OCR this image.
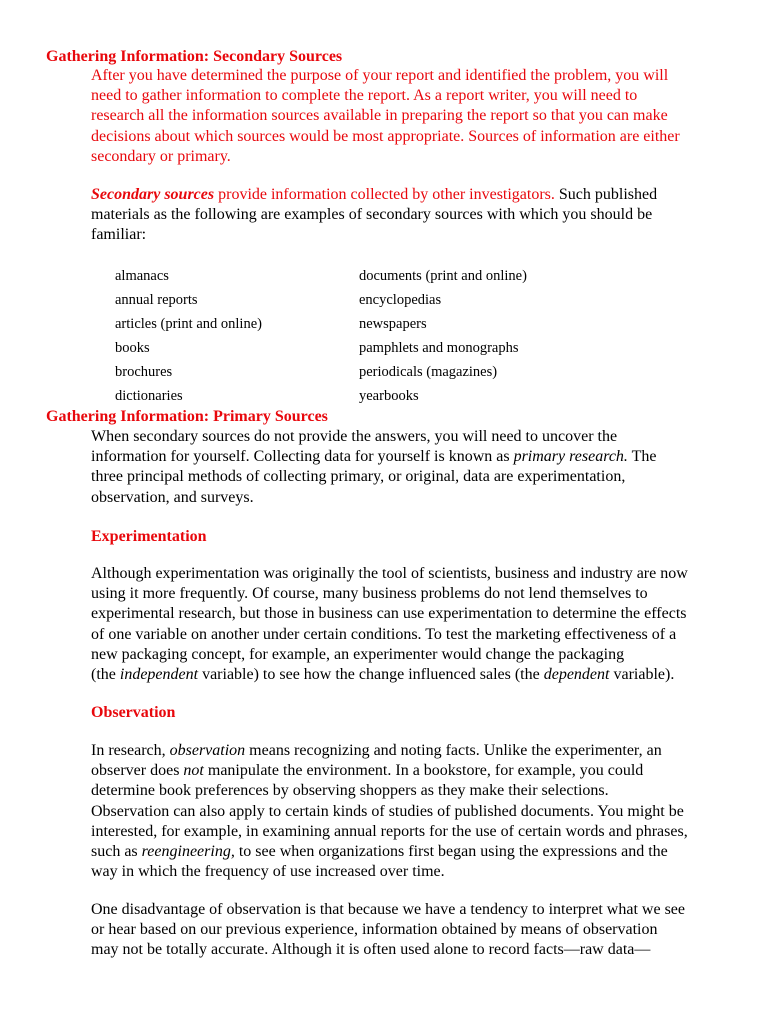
Gathering Information: Secondary Sources
After you have determined the purpose of your report and identified the problem, you will
need to gather information to complete the report. As a report writer, you will need to
research all the information sources available in preparing the report so that you can make
decisions about which sources would be most appropriate. Sources of information are either
secondary or primary.
Secondary sources provide information collected by other investigators. Such published
materials as the following are examples of secondary sources with which you should be
familiar:
almanacs
annual reports
articles (print and online)
books
brochures
dictionaries
documents (print and online)
encyclopedias
newspapers
pamphlets and monographs
periodicals (magazines)
yearbooks
Gathering Information: Primary Sources
When secondary sources do not provide the answers, you will need to uncover the
information for yourself. Collecting data for yourself is known as primary research. The
three principal methods of collecting primary, or original, data are experimentation,
observation, and surveys.
Experimentation
Although experimentation was originally the tool of scientists, business and industry are now
using it more frequently. Of course, many business problems do not lend themselves to
experimental research, but those in business can use experimentation to determine the effects
of one variable on another under certain conditions. To test the marketing effectiveness of a
new packaging concept, for example, an experimenter would change the packaging
(the independent variable) to see how the change influenced sales (the dependent variable).
Observation
In research, observation means recognizing and noting facts. Unlike the experimenter, an
observer does not manipulate the environment. In a bookstore, for example, you could
determine book preferences by observing shoppers as they make their selections.
Observation can also apply to certain kinds of studies of published documents. You might be
interested, for example, in examining annual reports for the use of certain words and phrases,
such as reengineering, to see when organizations first began using the expressions and the
way in which the frequency of use increased over time.
One disadvantage of observation is that because we have a tendency to interpret what we see
or hear based on our previous experience, information obtained by means of observation
may not be totally accurate. Although it is often used alone to record facts—raw data—
